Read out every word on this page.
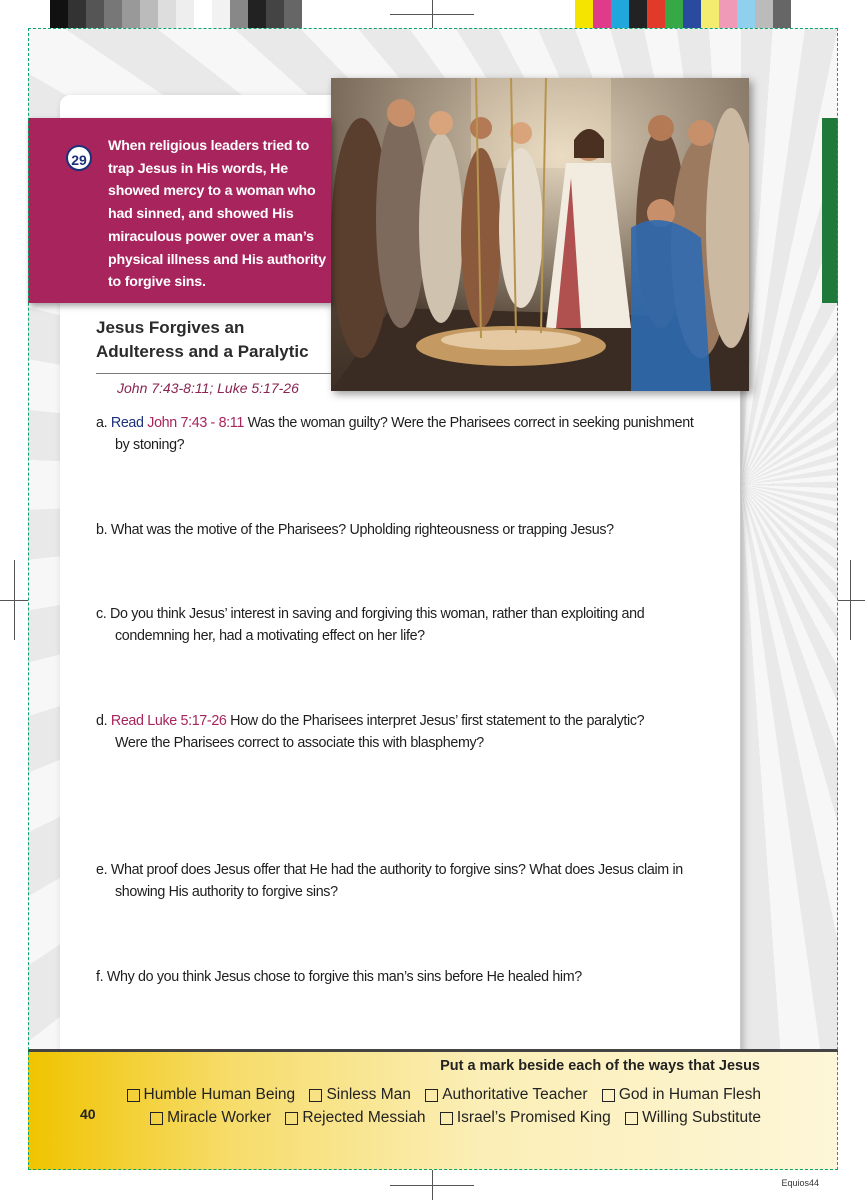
29
When religious leaders tried to trap Jesus in His words, He showed mercy to a woman who had sinned, and showed His miraculous power over a man’s physical illness and His authority to forgive sins.
Jesus Forgives an
Adulteress and a Paralytic
John 7:43-8:11; Luke 5:17-26
a. Read John 7:43 - 8:11 Was the woman guilty? Were the Pharisees correct in seeking punishment
by stoning?
b. What was the motive of the Pharisees? Upholding righteousness or trapping Jesus?
c. Do you think Jesus’ interest in saving and forgiving this woman, rather than exploiting and
condemning her, had a motivating effect on her life?
d. Read Luke 5:17-26 How do the Pharisees interpret Jesus’ first statement to the paralytic?
Were the Pharisees correct to associate this with blasphemy?
e. What proof does Jesus offer that He had the authority to forgive sins? What does Jesus claim in
showing His authority to forgive sins?
f. Why do you think Jesus chose to forgive this man’s sins before He healed him?
40
Put a mark beside each of the ways that Jesus
Humble Human Being
Sinless Man
Authoritative Teacher
God in Human Flesh
Miracle Worker
Rejected Messiah
Israel’s Promised King
Willing Substitute
Equios44
